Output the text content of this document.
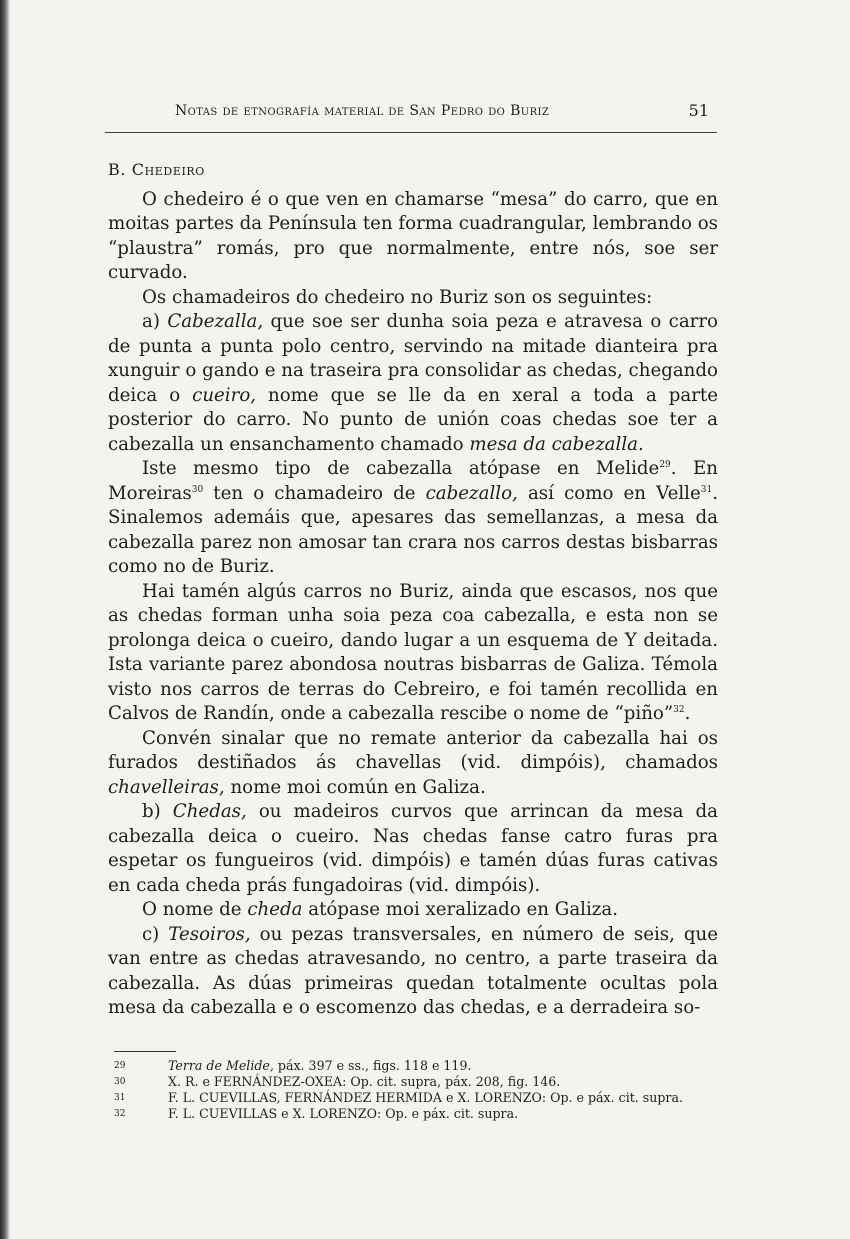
Notas de etnografía material de San Pedro do Buriz	51

B. Chedeiro

O chedeiro é o que ven en chamarse “mesa” do carro, que en moitas partes da Península ten forma cuadrangular, lembrando os “plaustra” romás, pro que normalmente, entre nós, soe ser curvado.

Os chamadeiros do chedeiro no Buriz son os seguintes:

a) Cabezalla, que soe ser dunha soia peza e atravesa o carro de punta a punta polo centro, servindo na mitade dianteira pra xunguir o gando e na traseira pra consolidar as chedas, chegando deica o cueiro, nome que se lle da en xeral a toda a parte posterior do carro. No punto de unión coas chedas soe ter a cabezalla un ensanchamento chamado mesa da cabezalla.

Iste mesmo tipo de cabezalla atópase en Melide$^{29}$. En Moreiras$^{30}$ ten o chamadeiro de cabezallo, así como en Velle$^{31}$. Sinalemos ademáis que, apesares das semellanzas, a mesa da cabezalla parez non amosar tan crara nos carros destas bisbarras como no de Buriz.

Hai tamén algús carros no Buriz, ainda que escasos, nos que as chedas forman unha soia peza coa cabezalla, e esta non se prolonga deica o cueiro, dando lugar a un esquema de Y deitada. Ista variante parez abondosa noutras bisbarras de Galiza. Témola visto nos carros de terras do Cebreiro, e foi tamén recollida en Calvos de Randín, onde a cabezalla rescibe o nome de “piño”$^{32}$.

Convén sinalar que no remate anterior da cabezalla hai os furados destiñados ás chavellas (vid. dimpóis), chamados chavelleiras, nome moi común en Galiza.

b) Chedas, ou madeiros curvos que arrincan da mesa da cabezalla deica o cueiro. Nas chedas fanse catro furas pra espetar os fungueiros (vid. dimpóis) e tamén dúas furas cativas en cada cheda prás fungadoiras (vid. dimpóis).

O nome de cheda atópase moi xeralizado en Galiza.

c) Tesoiros, ou pezas transversales, en número de seis, que van entre as chedas atravesando, no centro, a parte traseira da cabezalla. As dúas primeiras quedan totalmente ocultas pola mesa da cabezalla e o escomenzo das chedas, e a derradeira so-

29	Terra de Melide, páx. 397 e ss., figs. 118 e 119.
30	X. R. e FERNÁNDEZ-OXEA: Op. cit. supra, páx. 208, fig. 146.
31	F. L. CUEVILLAS, FERNÁNDEZ HERMIDA e X. LORENZO: Op. e páx. cit. supra.
32	F. L. CUEVILLAS e X. LORENZO: Op. e páx. cit. supra.
